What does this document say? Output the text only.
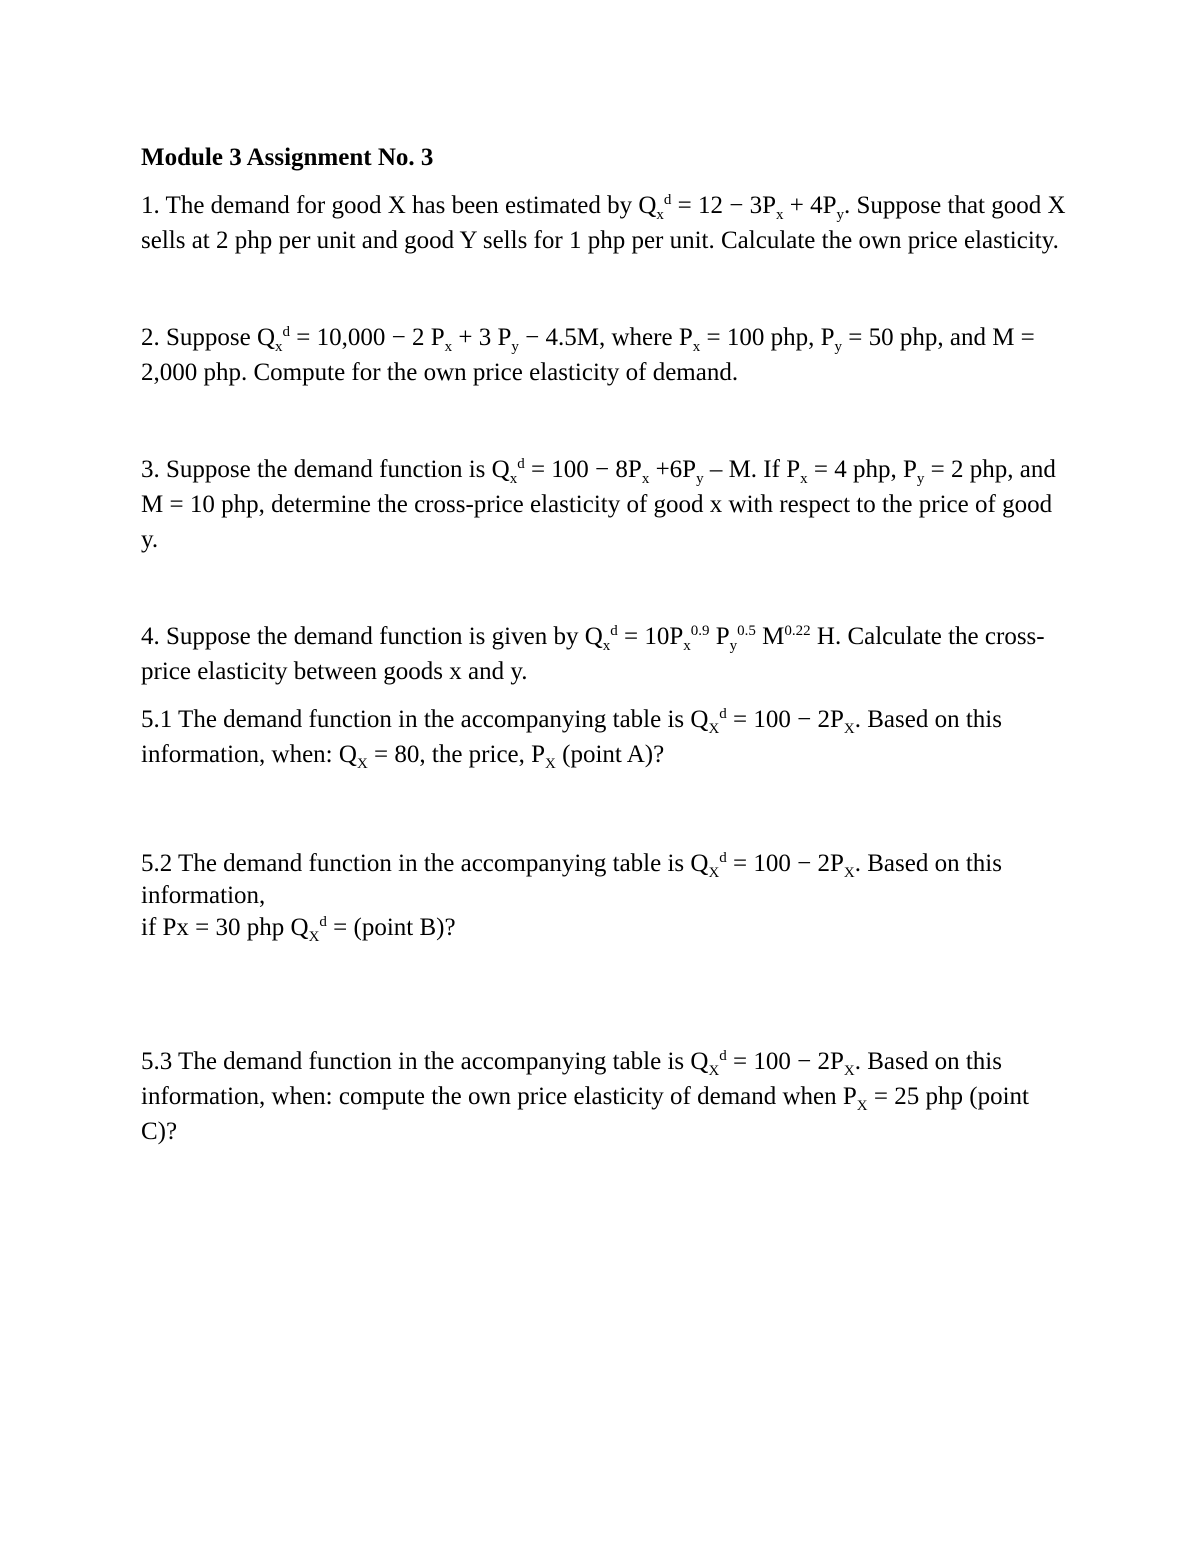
Module 3 Assignment No. 3

1. The demand for good X has been estimated by $Q_x^d = 12 - 3P_x + 4P_y$. Suppose that good X sells at 2 php per unit and good Y sells for 1 php per unit. Calculate the own price elasticity.

2. Suppose $Q_x^d = 10,000 - 2$ $P_x + 3$ $P_y - 4.5M$, where $P_x = 100$ php, $P_y = 50$ php, and M = 2,000 php. Compute for the own price elasticity of demand.

3. Suppose the demand function is $Q_x^d = 100 - 8P_x +6P_y - M$. If $P_x = 4$ php, $P_y = 2$ php, and M = 10 php, determine the cross-price elasticity of good x with respect to the price of good y.

4. Suppose the demand function is given by $Q_x^d = 10P_x^{0.9}$ $P_y^{0.5}$ $M^{0.22}$ H. Calculate the cross-price elasticity between goods x and y.

5.1 The demand function in the accompanying table is $Q_X^d = 100 - 2P_X$. Based on this information, when: $Q_X = 80$, the price, $P_X$ (point A)?

5.2 The demand function in the accompanying table is $Q_X^d = 100 - 2P_X$. Based on this information,
if Px = 30 php $Q_X^d$ = (point B)?

5.3 The demand function in the accompanying table is $Q_X^d = 100 - 2P_X$. Based on this information, when: compute the own price elasticity of demand when $P_X = 25$ php (point C)?
